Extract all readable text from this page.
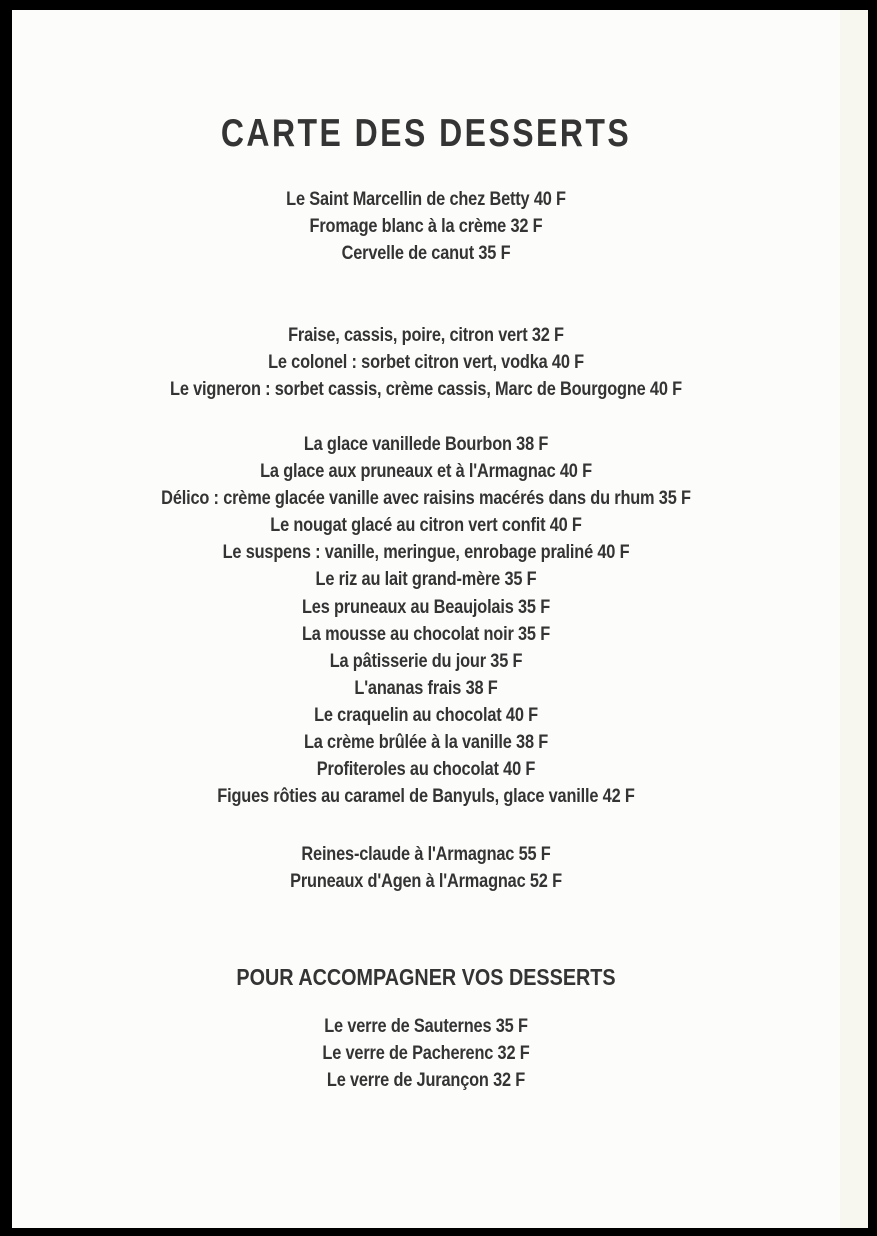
CARTE DES DESSERTS
Le Saint Marcellin de chez Betty 40 F
Fromage blanc à la crème 32 F
Cervelle de canut 35 F
Fraise, cassis, poire, citron vert 32 F
Le colonel : sorbet citron vert, vodka 40 F
Le vigneron : sorbet cassis, crème cassis, Marc de Bourgogne 40 F
La glace vanillede Bourbon 38 F
La glace aux pruneaux et à l'Armagnac 40 F
Délico : crème glacée vanille avec raisins macérés dans du rhum 35 F
Le nougat glacé au citron vert confit 40 F
Le suspens : vanille, meringue, enrobage praliné 40 F
Le riz au lait grand-mère 35 F
Les pruneaux au Beaujolais 35 F
La mousse au chocolat noir 35 F
La pâtisserie du jour 35 F
L'ananas frais 38 F
Le craquelin au chocolat 40 F
La crème brûlée à la vanille 38 F
Profiteroles au chocolat 40 F
Figues rôties au caramel de Banyuls, glace vanille 42 F
Reines-claude à l'Armagnac 55 F
Pruneaux d'Agen à l'Armagnac 52 F
POUR ACCOMPAGNER VOS DESSERTS
Le verre de Sauternes 35 F
Le verre de Pacherenc 32 F
Le verre de Jurançon 32 F
